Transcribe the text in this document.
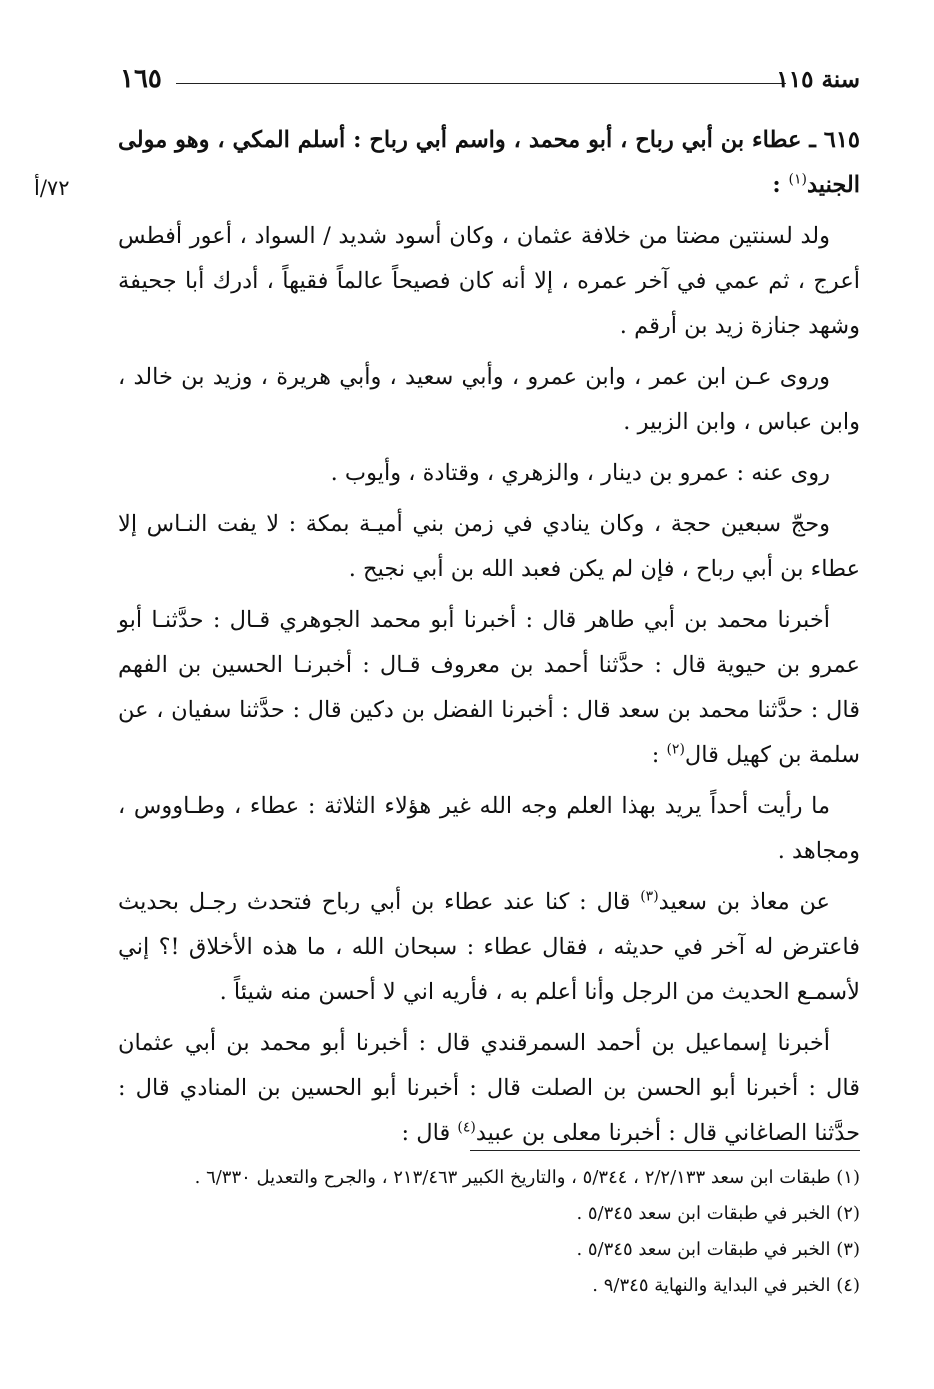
١٦٥	سنة ١١٥
٧٢/أ

٦١٥ ـ عطاء بن أبي رباح ، أبو محمد ، واسم أبي رباح : أسلم المكي ، وهو مولى الجنيد$^{(١)}$ :

ولد لسنتين مضتا من خلافة عثمان ، وكان أسود شديد / السواد ، أعور أفطس أعرج ، ثم عمي في آخر عمره ، إلا أنه كان فصيحاً عالماً فقيهاً ، أدرك أبا جحيفة وشهد جنازة زيد بن أرقم .

وروى عـن ابن عمر ، وابن عمرو ، وأبي سعيد ، وأبي هريرة ، وزيد بن خالد ، وابن عباس ، وابن الزبير .

روى عنه : عمرو بن دينار ، والزهري ، وقتادة ، وأيوب .

وحجّ سبعين حجة ، وكان ينادي في زمن بني أميـة بمكة : لا يفت النـاس إلا عطاء بن أبي رباح ، فإن لم يكن فعبد الله بن أبي نجيح .

أخبرنا محمد بن أبي طاهر قال : أخبرنا أبو محمد الجوهري قـال : حدَّثنـا أبو عمرو بن حيوية قال : حدَّثنا أحمد بن معروف قـال : أخبرنـا الحسين بن الفهم قال : حدَّثنا محمد بن سعد قال : أخبرنا الفضل بن دكين قال : حدَّثنا سفيان ، عن سلمة بن كهيل قال$^{(٢)}$ :

ما رأيت أحداً يريد بهذا العلم وجه الله غير هؤلاء الثلاثة : عطاء ، وطـاووس ، ومجاهد .

عن معاذ بن سعيد$^{(٣)}$ قال : كنا عند عطاء بن أبي رباح فتحدث رجـل بحديث فاعترض له آخر في حديثه ، فقال عطاء : سبحان الله ، ما هذه الأخلاق !؟ إني لأسمـع الحديث من الرجل وأنا أعلم به ، فأريه اني لا أحسن منه شيئاً .

أخبرنا إسماعيل بن أحمد السمرقندي قال : أخبرنا أبو محمد بن أبي عثمان قال : أخبرنا أبو الحسن بن الصلت قال : أخبرنا أبو الحسين بن المنادي قال : حدَّثنا الصاغاني قال : أخبرنا معلى بن عبيد$^{(٤)}$ قال :

(١) طبقات ابن سعد ٢/٢/١٣٣ ، ٥/٣٤٤ ، والتاريخ الكبير ٢١٣/٤٦٣ ، والجرح والتعديل ٦/٣٣٠ .

(٢) الخبر في طبقات ابن سعد ٥/٣٤٥ .

(٣) الخبر في طبقات ابن سعد ٥/٣٤٥ .

(٤) الخبر في البداية والنهاية ٩/٣٤٥ .
